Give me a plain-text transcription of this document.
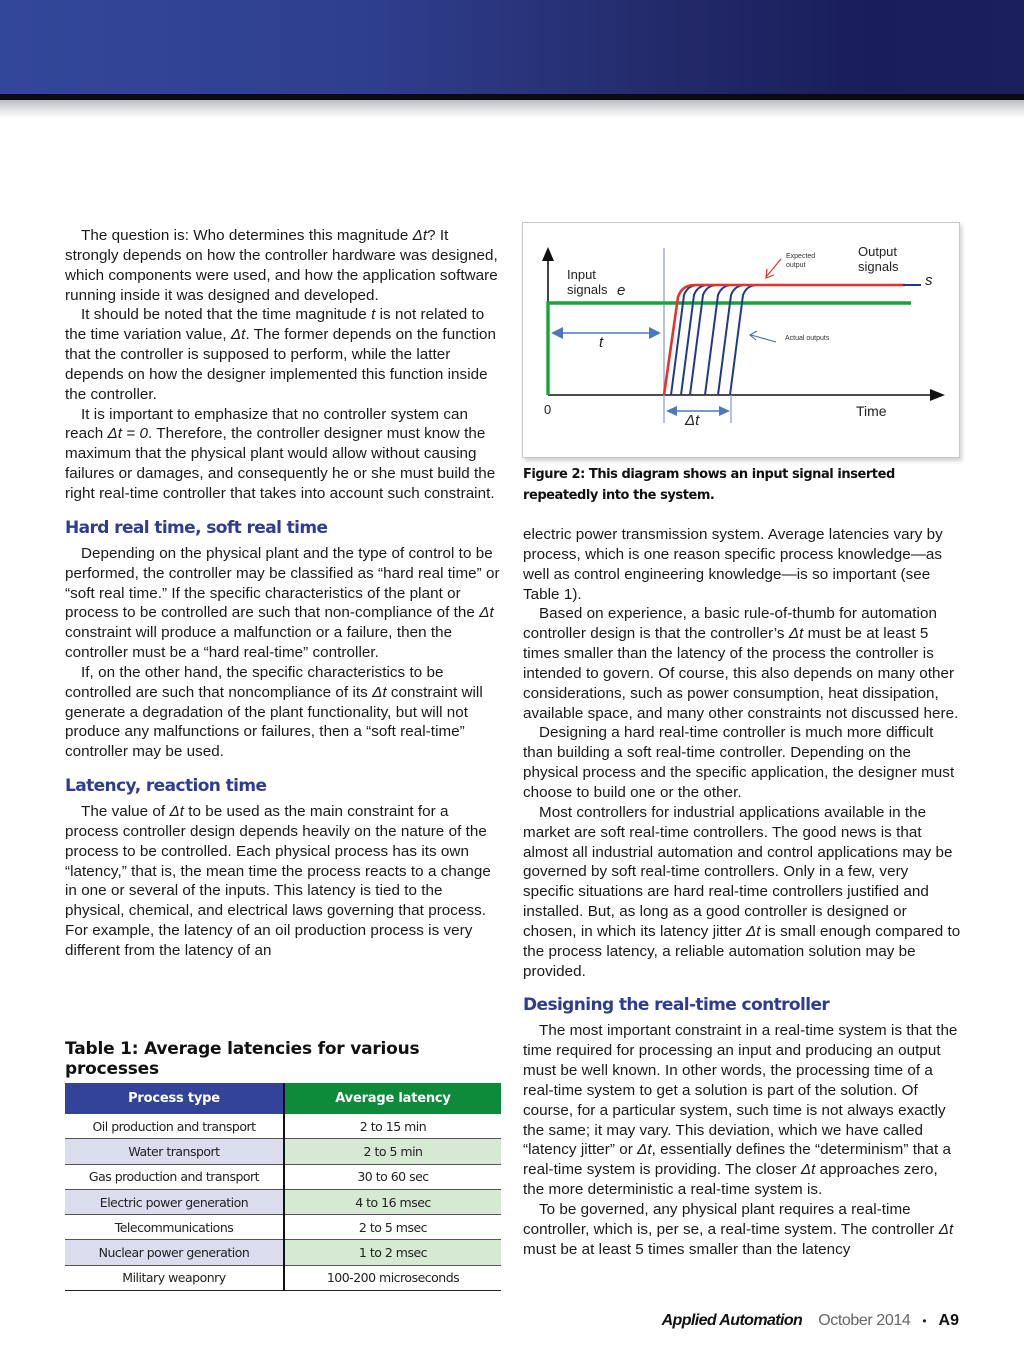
The question is: Who determines this magnitude Δt? It strongly depends on how the controller hardware was designed, which components were used, and how the application software running inside it was designed and developed.

It should be noted that the time magnitude t is not related to the time variation value, Δt. The former depends on the function that the controller is supposed to perform, while the latter depends on how the designer implemented this function inside the controller.

It is important to emphasize that no controller system can reach Δt = 0. Therefore, the controller designer must know the maximum that the physical plant would allow without causing failures or damages, and consequently he or she must build the right real-time controller that takes into account such constraint.

Hard real time, soft real time

Depending on the physical plant and the type of control to be performed, the controller may be classified as “hard real time” or “soft real time.” If the specific characteristics of the plant or process to be controlled are such that non-compliance of the Δt constraint will produce a malfunction or a failure, then the controller must be a “hard real-time” controller.

If, on the other hand, the specific characteristics to be controlled are such that noncompliance of its Δt constraint will generate a degradation of the plant functionality, but will not produce any malfunctions or failures, then a “soft real-time” controller may be used.

Latency, reaction time

The value of Δt to be used as the main constraint for a process controller design depends heavily on the nature of the process to be controlled. Each physical process has its own “latency,” that is, the mean time the process reacts to a change in one or several of the inputs. This latency is tied to the physical, chemical, and electrical laws governing that process. For example, the latency of an oil production process is very different from the latency of an

Table 1: Average latencies for various processes
Process type	Average latency
Oil production and transport	2 to 15 min
Water transport	2 to 5 min
Gas production and transport	30 to 60 sec
Electric power generation	4 to 16 msec
Telecommunications	2 to 5 msec
Nuclear power generation	1 to 2 msec
Military weaponry	100-200 microseconds
Input
signals e
Output
signals
s
Expected
output
Actual outputs
t
Δt
0	Time
Figure 2: This diagram shows an input signal inserted repeatedly into the system.

electric power transmission system. Average latencies vary by process, which is one reason specific process knowledge—as well as control engineering knowledge—is so important (see Table 1).

Based on experience, a basic rule-of-thumb for automation controller design is that the controller’s Δt must be at least 5 times smaller than the latency of the process the controller is intended to govern. Of course, this also depends on many other considerations, such as power consumption, heat dissipation, available space, and many other constraints not discussed here.

Designing a hard real-time controller is much more difficult than building a soft real-time controller. Depending on the physical process and the specific application, the designer must choose to build one or the other.

Most controllers for industrial applications available in the market are soft real-time controllers. The good news is that almost all industrial automation and control applications may be governed by soft real-time controllers. Only in a few, very specific situations are hard real-time controllers justified and installed. But, as long as a good controller is designed or chosen, in which its latency jitter Δt is small enough compared to the process latency, a reliable automation solution may be provided.

Designing the real-time controller

The most important constraint in a real-time system is that the time required for processing an input and producing an output must be well known. In other words, the processing time of a real-time system to get a solution is part of the solution. Of course, for a particular system, such time is not always exactly the same; it may vary. This deviation, which we have called “latency jitter” or Δt, essentially defines the “determinism” that a real-time system is providing. The closer Δt approaches zero, the more deterministic a real-time system is.

To be governed, any physical plant requires a real-time controller, which is, per se, a real-time system. The controller Δt must be at least 5 times smaller than the latency

Applied Automation October 2014 • A9
